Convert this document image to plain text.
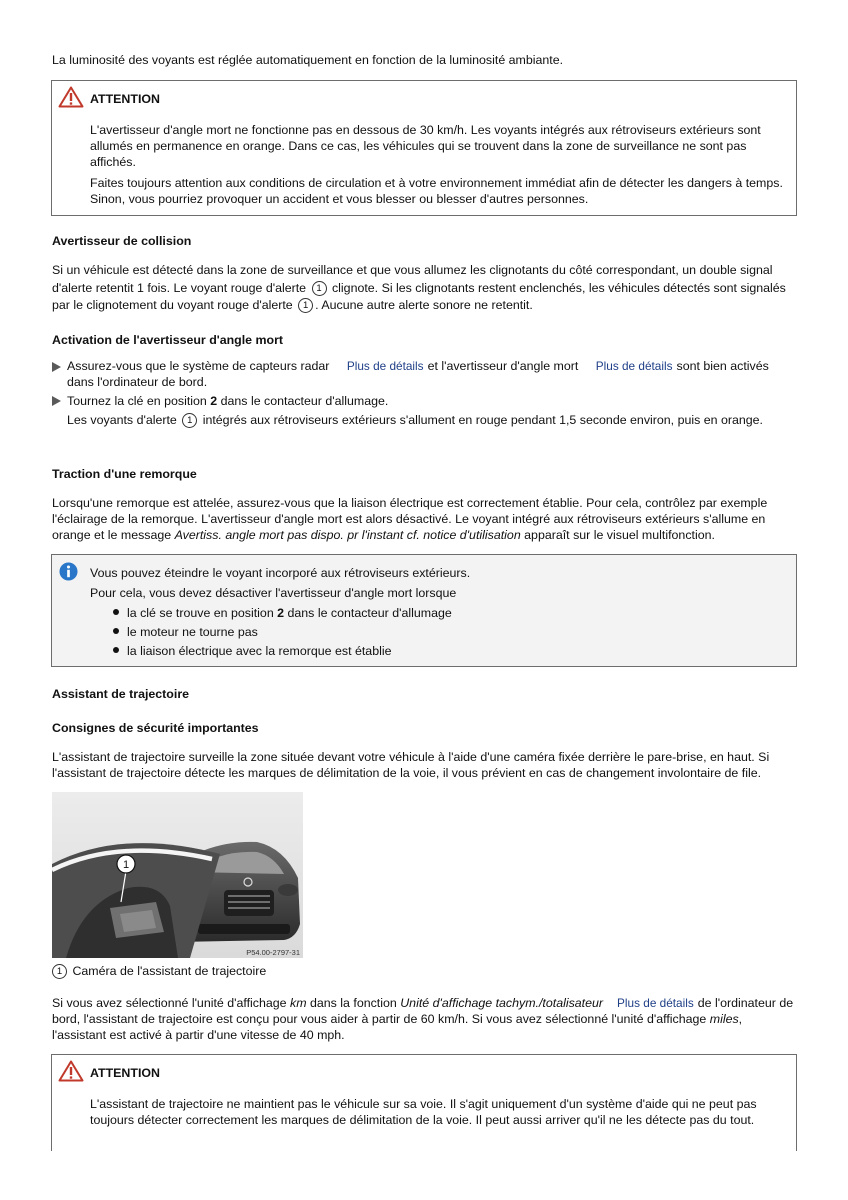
La luminosité des voyants est réglée automatiquement en fonction de la luminosité ambiante.

ATTENTION

L'avertisseur d'angle mort ne fonctionne pas en dessous de 30 km/h. Les voyants intégrés aux rétroviseurs extérieurs sont allumés en permanence en orange. Dans ce cas, les véhicules qui se trouvent dans la zone de surveillance ne sont pas affichés.

Faites toujours attention aux conditions de circulation et à votre environnement immédiat afin de détecter les dangers à temps. Sinon, vous pourriez provoquer un accident et vous blesser ou blesser d'autres personnes.

Avertisseur de collision

Si un véhicule est détecté dans la zone de surveillance et que vous allumez les clignotants du côté correspondant, un double signal d'alerte retentit 1 fois. Le voyant rouge d'alerte 1 clignote. Si les clignotants restent enclenchés, les véhicules détectés sont signalés par le clignotement du voyant rouge d'alerte 1 . Aucune autre alerte sonore ne retentit.

Activation de l'avertisseur d'angle mort

Assurez-vous que le système de capteurs radar Plus de détails et l'avertisseur d'angle mort Plus de détails sont bien activés dans l'ordinateur de bord.

Tournez la clé en position 2 dans le contacteur d'allumage.

Les voyants d'alerte 1 intégrés aux rétroviseurs extérieurs s'allument en rouge pendant 1,5 seconde environ, puis en orange.

Traction d'une remorque

Lorsqu'une remorque est attelée, assurez-vous que la liaison électrique est correctement établie. Pour cela, contrôlez par exemple l'éclairage de la remorque. L'avertisseur d'angle mort est alors désactivé. Le voyant intégré aux rétroviseurs extérieurs s'allume en orange et le message Avertiss. angle mort pas dispo. pr l'instant cf. notice d'utilisation apparaît sur le visuel multifonction.

Vous pouvez éteindre le voyant incorporé aux rétroviseurs extérieurs.

Pour cela, vous devez désactiver l'avertisseur d'angle mort lorsque

la clé se trouve en position 2 dans le contacteur d'allumage

le moteur ne tourne pas

la liaison électrique avec la remorque est établie

Assistant de trajectoire
Consignes de sécurité importantes

L'assistant de trajectoire surveille la zone située devant votre véhicule à l'aide d'une caméra fixée derrière le pare-brise, en haut. Si l'assistant de trajectoire détecte les marques de délimitation de la voie, il vous prévient en cas de changement involontaire de file.

1
P54.00-2797-31

1 Caméra de l'assistant de trajectoire

Si vous avez sélectionné l'unité d'affichage km dans la fonction Unité d'affichage tachym./totalisateur Plus de détails de l'ordinateur de bord, l'assistant de trajectoire est conçu pour vous aider à partir de 60 km/h. Si vous avez sélectionné l'unité d'affichage miles, l'assistant est activé à partir d'une vitesse de 40 mph.

ATTENTION

L'assistant de trajectoire ne maintient pas le véhicule sur sa voie. Il s'agit uniquement d'un système d'aide qui ne peut pas toujours détecter correctement les marques de délimitation de la voie. Il peut aussi arriver qu'il ne les détecte pas du tout.
